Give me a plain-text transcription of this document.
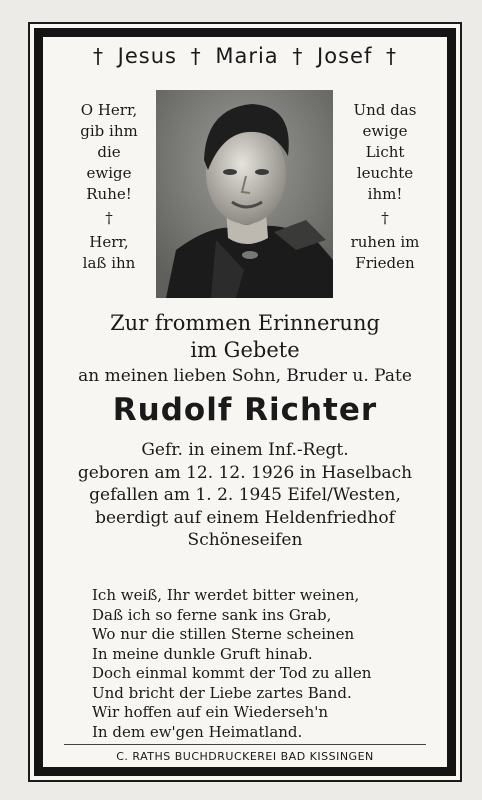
† Jesus † Maria † Josef †
O Herr,
gib ihm
die
ewige
Ruhe!
†
Herr,
laß ihn
Und das
ewige
Licht
leuchte
ihm!
†
ruhen im
Frieden
Zur frommen Erinnerung
im Gebete
an meinen lieben Sohn, Bruder u. Pate
Rudolf Richter
Gefr. in einem Inf.-Regt.
geboren am 12. 12. 1926 in Haselbach
gefallen am 1. 2. 1945 Eifel/Westen,
beerdigt auf einem Heldenfriedhof
Schöneseifen
Ich weiß, Ihr werdet bitter weinen,
Daß ich so ferne sank ins Grab,
Wo nur die stillen Sterne scheinen
In meine dunkle Gruft hinab.
Doch einmal kommt der Tod zu allen
Und bricht der Liebe zartes Band.
Wir hoffen auf ein Wiederseh'n
In dem ew'gen Heimatland.
C. RATHS BUCHDRUCKEREI BAD KISSINGEN
